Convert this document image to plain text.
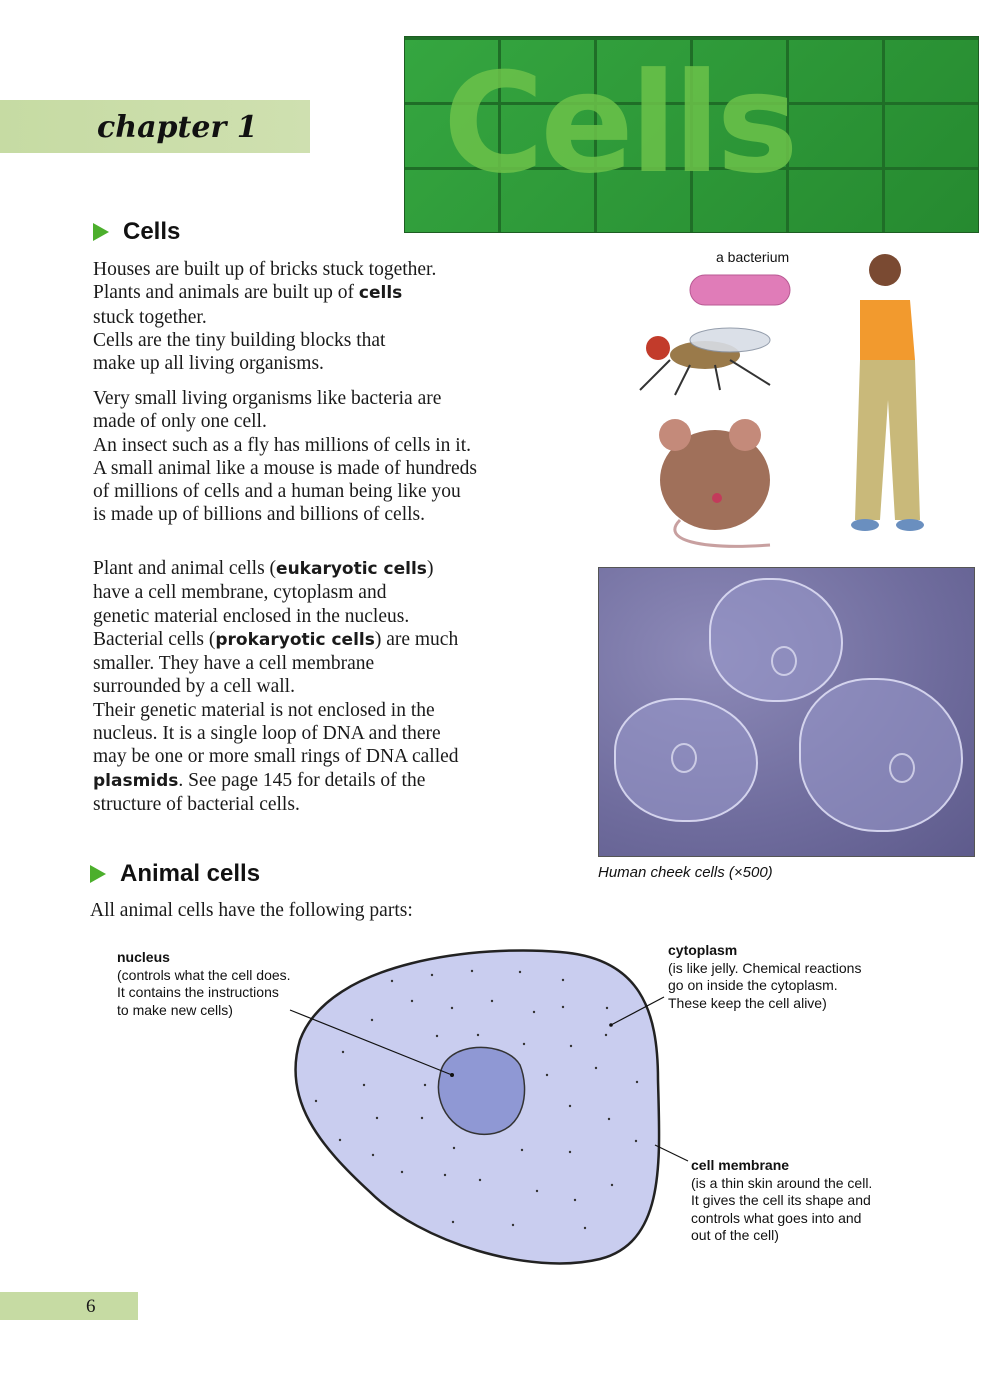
chapter 1 Cells
Cells
Houses are built up of bricks stuck together.
Plants and animals are built up of cells
stuck together.
Cells are the tiny building blocks that
make up all living organisms.
Very small living organisms like bacteria are
made of only one cell.
An insect such as a fly has millions of cells in it.
A small animal like a mouse is made of hundreds
of millions of cells and a human being like you
is made up of billions and billions of cells.
Plant and animal cells (eukaryotic cells)
have a cell membrane, cytoplasm and
genetic material enclosed in the nucleus.
Bacterial cells (prokaryotic cells) are much
smaller. They have a cell membrane
surrounded by a cell wall.
Their genetic material is not enclosed in the
nucleus. It is a single loop of DNA and there
may be one or more small rings of DNA called
plasmids. See page 145 for details of the
structure of bacterial cells.
a bacterium
Human cheek cells (×500)
Animal cells
All animal cells have the following parts:
nucleus
(controls what the cell does.
It contains the instructions
to make new cells)
cytoplasm
(is like jelly. Chemical reactions
go on inside the cytoplasm.
These keep the cell alive)
cell membrane
(is a thin skin around the cell.
It gives the cell its shape and
controls what goes into and
out of the cell)
6
